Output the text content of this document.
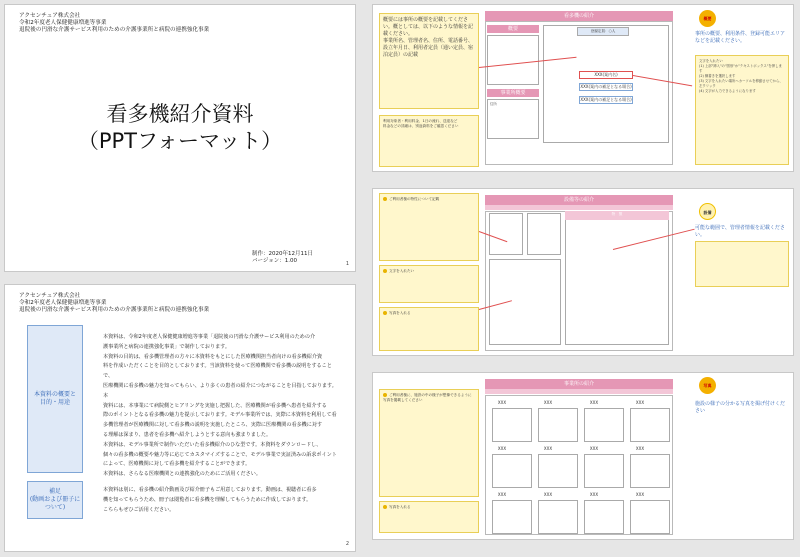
アクセンチュア株式会社
令和2年度老人保健健康増進等事業
退院後の円滑な介護サービス利用のための介護事業所と病院の連携強化事業
看多機紹介資料
（PPTフォーマット）
制作：2020年12月11日
バージョン：1.00	1
アクセンチュア株式会社
令和2年度老人保健健康増進等事業
退院後の円滑な介護サービス利用のための介護事業所と病院の連携強化事業
本資料の概要と
目的・用途
本資料は、令和2年度老人保健健康増進等事業「退院後の円滑な介護サービス利用のための介
護事業所と病院の連携強化事業」で制作しております。
本資料の目的は、看多機管理者の方々に本資料をもとにした医療機関担当者向けの看多機紹介資
料を作成いただくことを目的としております。当該資料を使って医療機関で看多機の説明をすることで、
医療機関に看多機の魅力を知ってもらい、より多くの患者の紹介につながることを目指しております。本
資料には、本事業にて病院側とヒアリングを実施し把握した、医療機関が看多機へ患者を紹介する
際のポイントとなる看多機の魅力を提示しております。モデル事業所では、実際に本資料を利用して看
多機管理者が医療機関に対して看多機の説明を実施したところ、実際に医療機関の看多機に対す
る理解は深まり、患者を看多機へ紹介しようとする意向も強まりました。
本資料は、モデル事業所で制作いただいた看多機紹介のひな型です。本資料をダウンロードし、
個々の看多機の概要や魅力等に応じてカスタマイズすることで、モデル事業で実証済みの訴求ポイント
によって、医療機関に対して看多機を紹介することができます。
本資料は、さらなる医療機関との連携強化のためにご活用ください。
補足
(動画および冊子について)
本資料は別に、看多機の紹介動画及び紹介冊子もご用意しております。動画は、視聴者に看多
機を知ってもらうため、冊子は閲覧者に看多機を理解してもらうために作成しております。
こちらもぜひご活用ください。
2
概要には事所の概要を記載してください。概としては、以下のような情報を記載ください。
事業所名、管理者名、住所、電話番号、設立年月日、利用者定員（通い定員、宿泊定員）の記載
利用対象者・利用料金、1日の流れ、送迎など
料金などの詳細は、別途資料をご確認ください
看多機の紹介
概要
事業所概要
住所
登録定員：○人
XXX(案内名)
XXX(案内の補足となる場合)
XXX(案内の補足となる場合)
概要
事所の概要、利用条件、登録可能エリアなどを記載ください。
文字を入れたい
(1) 上部"挿入"の"図形"か"テキストボックス"を押します
(2) 横書きを選択します
(3) 文字を入れたい場所へカーソルを移動させてから、左クリック
(4) 文字が入力できるようになります
ご利用者様の特性について記載
文字を入れたい
写真を入れる
設備等の紹介
特　徴	設備
可能な範囲で、管理者情報を記載ください。
ご利用者様に、施設の中の様子が想像できるように写真を掲載してください
写真を入れる
事業所の紹介
XXX	XXX	XXX	XXX
XXX	XXX	XXX	XXX
XXX	XXX	XXX	XXX
写真
施設の様子の分かる写真を掲げ付けください
